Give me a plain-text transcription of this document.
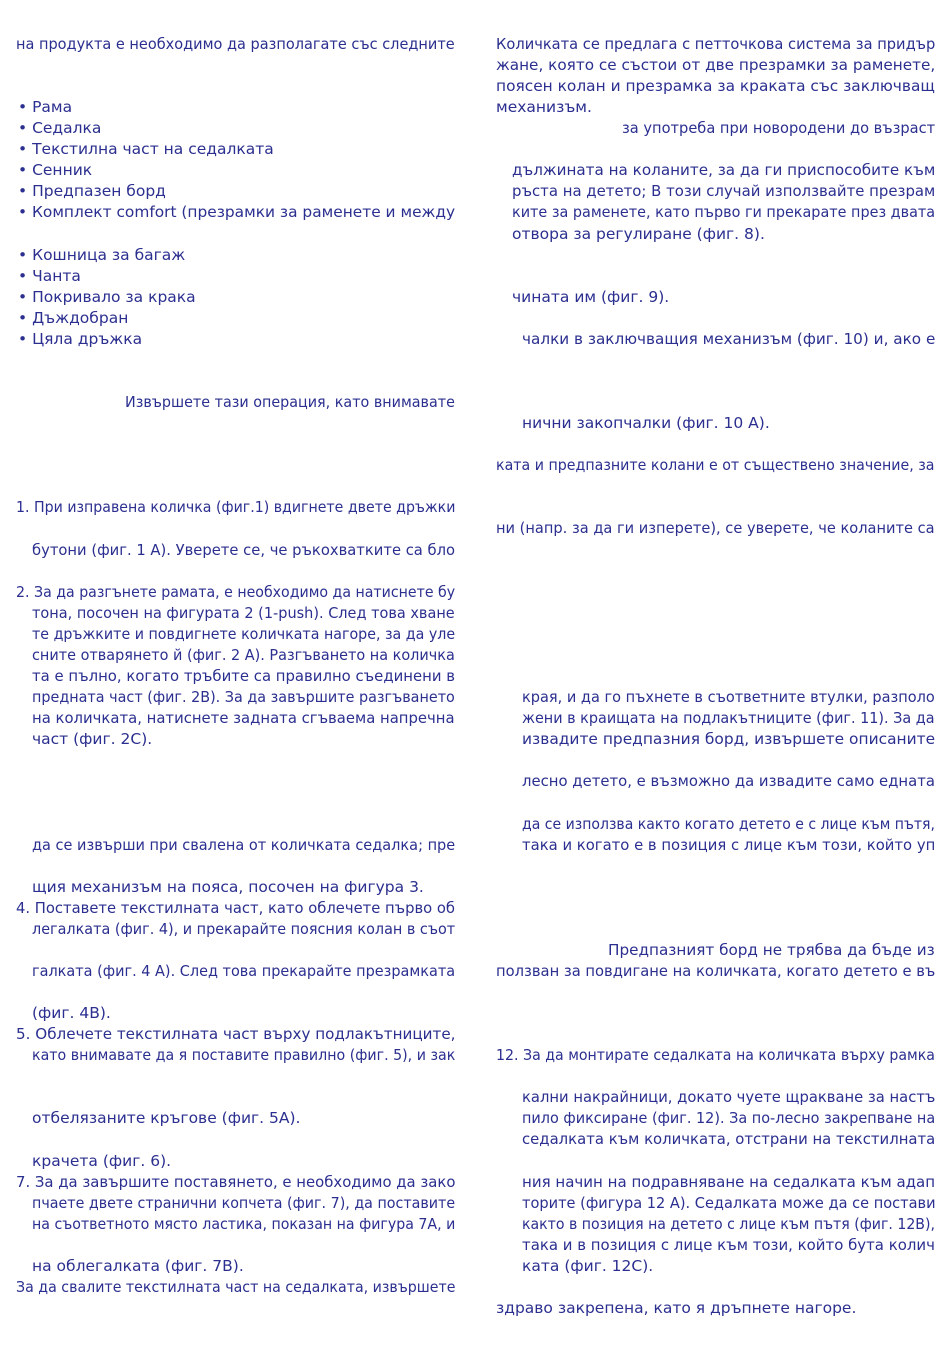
на продукта е необходимо да разполагате със следните
• Рама
• Седалка
• Текстилна част на седалката
• Сенник
• Предпазен борд
• Комплект comfort (презрамки за раменете и между
• Кошница за багаж
• Чанта
• Покривало за крака
• Дъждобран
• Цяла дръжка
Извършете тази операция, като внимавате
1. При изправена количка (фиг.1) вдигнете двете дръжки
бутони (фиг. 1 А). Уверете се, че ръкохватките са бло
2. За да разгънете рамата, е необходимо да натиснете бу
тона, посочен на фигурата 2 (1-push). След това хване
те дръжките и повдигнете количката нагоре, за да уле
сните отварянето й (фиг. 2 А). Разгъването на количка
та е пълно, когато тръбите са правилно съединени в
предната част (фиг. 2B). За да завършите разгъването
на количката, натиснете задната сгъваема напречна
част (фиг. 2C).
да се извърши при свалена от количката седалка; пре
щия механизъм на пояса, посочен на фигура 3.
4. Поставете текстилната част, като облечете първо об
легалката (фиг. 4), и прекарайте поясния колан в съот
галката (фиг. 4 А). След това прекарайте презрамката
(фиг. 4B).
5. Облечете текстилната част върху подлакътниците,
като внимавате да я поставите правилно (фиг. 5), и зак
отбелязаните кръгове (фиг. 5А).
крачета (фиг. 6).
7. За да завършите поставянето, е необходимо да зако
пчаете двете странични копчета (фиг. 7), да поставите
на съответното място ластика, показан на фигура 7А, и
на облегалката (фиг. 7B).
За да свалите текстилната част на седалката, извършете
Количката се предлага с петточкова система за придър
жане, която се състои от две презрамки за раменете,
поясен колан и презрамка за краката със заключващ
механизъм.
за употреба при новородени до възраст
дължината на коланите, за да ги приспособите към
ръста на детето; В този случай използвайте презрам
ките за раменете, като първо ги прекарате през двата
отвора за регулиране (фиг. 8).
чината им (фиг. 9).
чалки в заключващия механизъм (фиг. 10) и, ако е
нични закопчалки (фиг. 10 А).
ката и предпазните колани е от съществено значение, за
ни (напр. за да ги изперете), се уверете, че коланите са
края, и да го пъхнете в съответните втулки, разполо
жени в краищата на подлакътниците (фиг. 11). За да
извадите предпазния борд, извършете описаните
лесно детето, е възможно да извадите само едната
да се използва както когато детето е с лице към пътя,
така и когато е в позиция с лице към този, който уп
Предпазният борд не трябва да бъде из
ползван за повдигане на количката, когато детето е въ
12. За да монтирате седалката на количката върху рамка
кални накрайници, докато чуете щракване за настъ
пило фиксиране (фиг. 12). За по-лесно закрепване на
седалката към количката, отстрани на текстилната
ния начин на подравняване на седалката към адап
торите (фигура 12 А). Седалката може да се постави
както в позиция на детето с лице към пътя (фиг. 12B),
така и в позиция с лице към този, който бута колич
ката (фиг. 12C).
здраво закрепена, като я дръпнете нагоре.
